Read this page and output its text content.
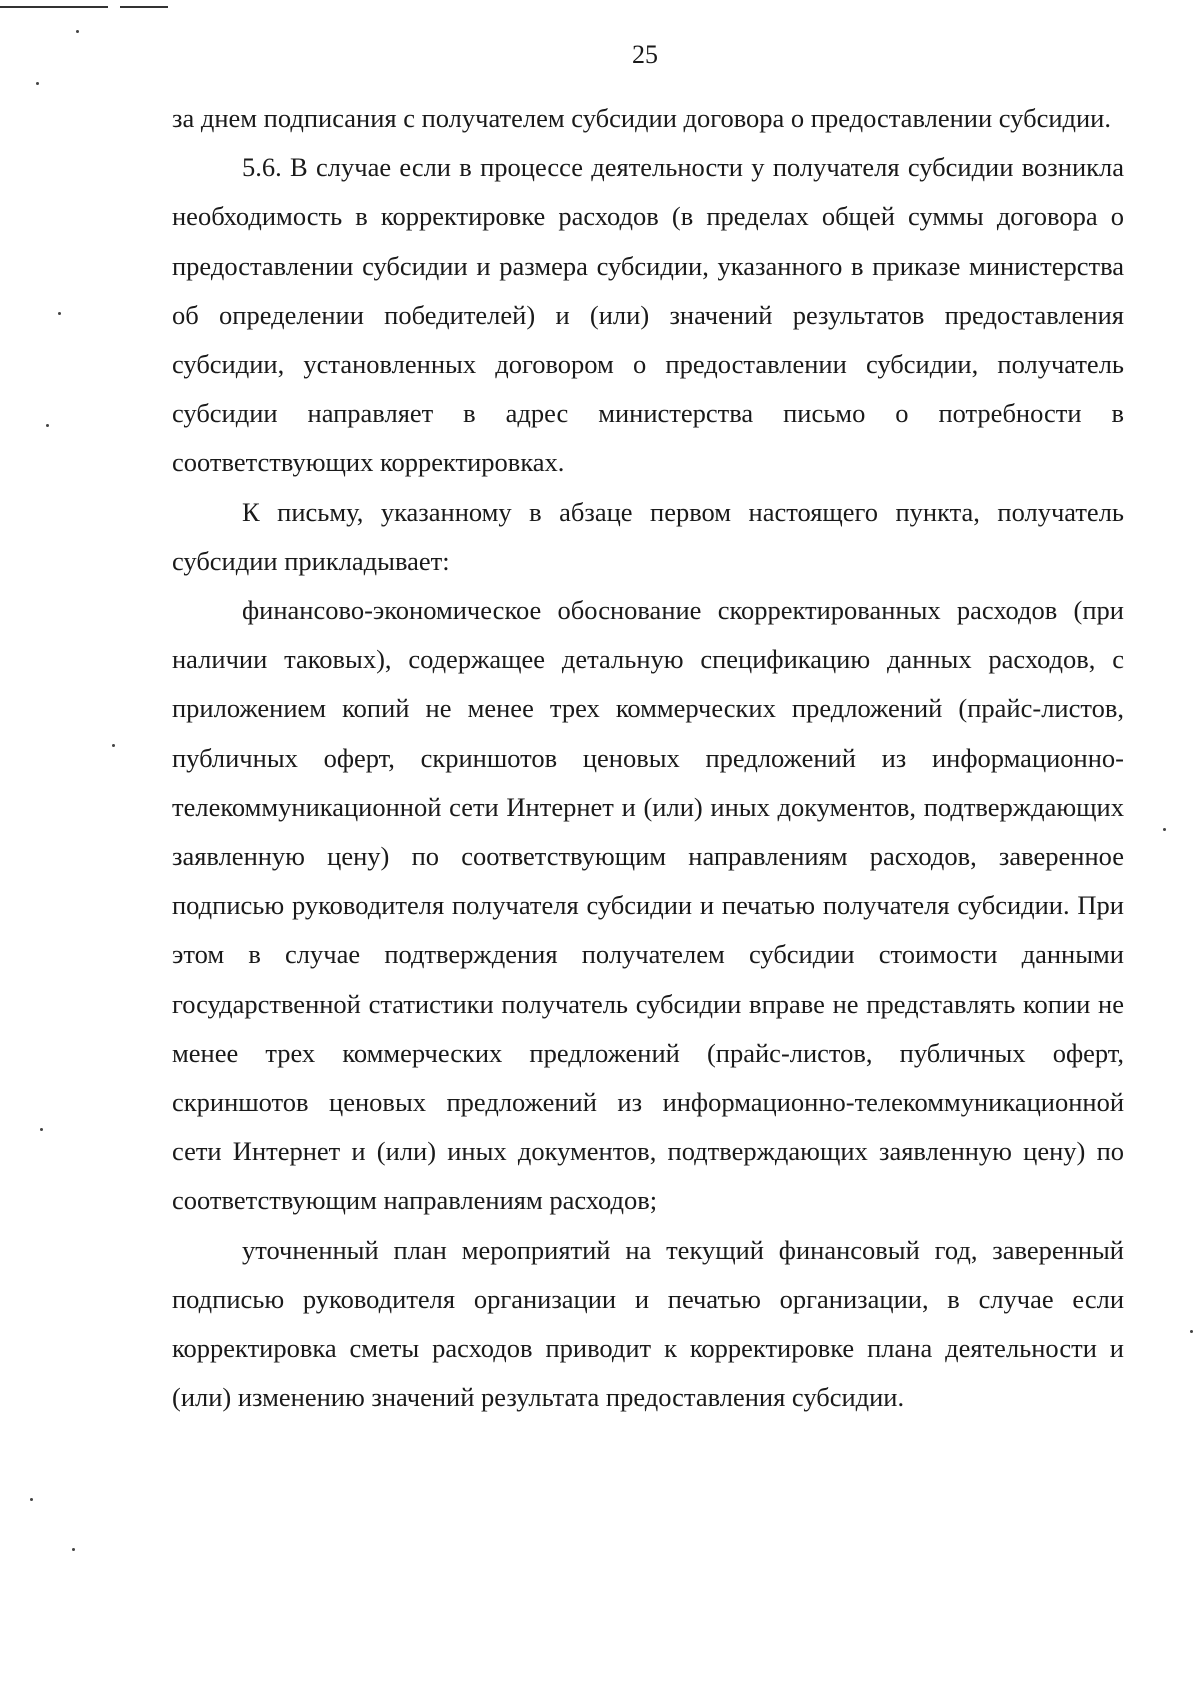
25

за днем подписания с получателем субсидии договора о предоставлении субсидии.

5.6. В случае если в процессе деятельности у получателя субсидии возникла необходимость в корректировке расходов (в пределах общей суммы договора о предоставлении субсидии и размера субсидии, указанного в приказе министерства об определении победителей) и (или) значений результатов предоставления субсидии, установленных договором о предоставлении субсидии, получатель субсидии направляет в адрес министерства письмо о потребности в соответствующих корректировках.

К письму, указанному в абзаце первом настоящего пункта, получатель субсидии прикладывает:

финансово-экономическое обоснование скорректированных расходов (при наличии таковых), содержащее детальную спецификацию данных расходов, с приложением копий не менее трех коммерческих предложений (прайс-листов, публичных оферт, скриншотов ценовых предложений из информационно-телекоммуникационной сети Интернет и (или) иных документов, подтверждающих заявленную цену) по соответствующим направлениям расходов, заверенное подписью руководителя получателя субсидии и печатью получателя субсидии. При этом в случае подтверждения получателем субсидии стоимости данными государственной статистики получатель субсидии вправе не представлять копии не менее трех коммерческих предложений (прайс-листов, публичных оферт, скриншотов ценовых предложений из информационно-телекоммуникационной сети Интернет и (или) иных документов, подтверждающих заявленную цену) по соответствующим направлениям расходов;

уточненный план мероприятий на текущий финансовый год, заверенный подписью руководителя организации и печатью организации, в случае если корректировка сметы расходов приводит к корректировке плана деятельности и (или) изменению значений результата предоставления субсидии.
